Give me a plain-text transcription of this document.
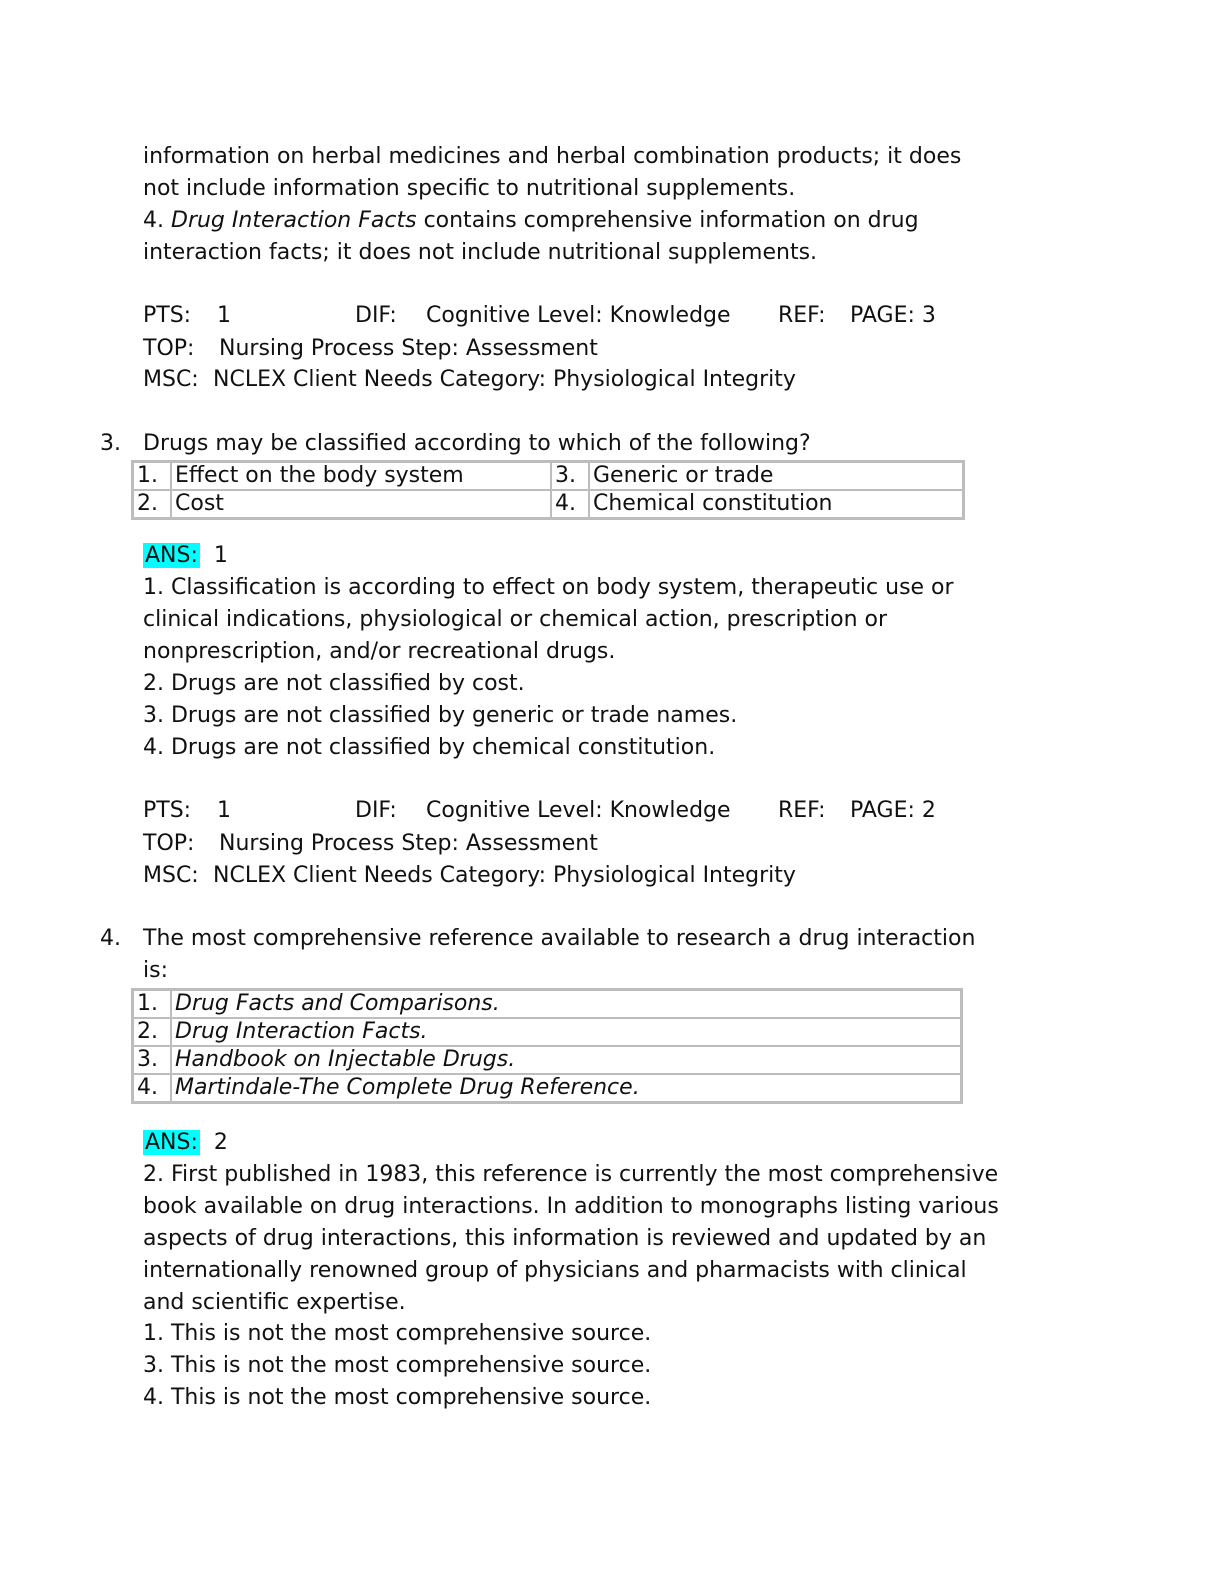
information on herbal medicines and herbal combination products; it does
not include information specific to nutritional supplements.
4. Drug Interaction Facts contains comprehensive information on drug
interaction facts; it does not include nutritional supplements.
PTS: 1	DIF: Cognitive Level: Knowledge REF: PAGE: 3
TOP: Nursing Process Step: Assessment
MSC: NCLEX Client Needs Category: Physiological Integrity
3. Drugs may be classified according to which of the following?
1.	Effect on the body system	3.	Generic or trade
2.	Cost	4.	Chemical constitution
ANS: 1
1. Classification is according to effect on body system, therapeutic use or
clinical indications, physiological or chemical action, prescription or
nonprescription, and/or recreational drugs.
2. Drugs are not classified by cost.
3. Drugs are not classified by generic or trade names.
4. Drugs are not classified by chemical constitution.
PTS: 1	DIF: Cognitive Level: Knowledge REF: PAGE: 2
TOP: Nursing Process Step: Assessment
MSC: NCLEX Client Needs Category: Physiological Integrity
4. The most comprehensive reference available to research a drug interaction
is:
1.	Drug Facts and Comparisons.
2.	Drug Interaction Facts.
3.	Handbook on Injectable Drugs.
4.	Martindale-The Complete Drug Reference.
ANS: 2
2. First published in 1983, this reference is currently the most comprehensive
book available on drug interactions. In addition to monographs listing various
aspects of drug interactions, this information is reviewed and updated by an
internationally renowned group of physicians and pharmacists with clinical
and scientific expertise.
1. This is not the most comprehensive source.
3. This is not the most comprehensive source.
4. This is not the most comprehensive source.
